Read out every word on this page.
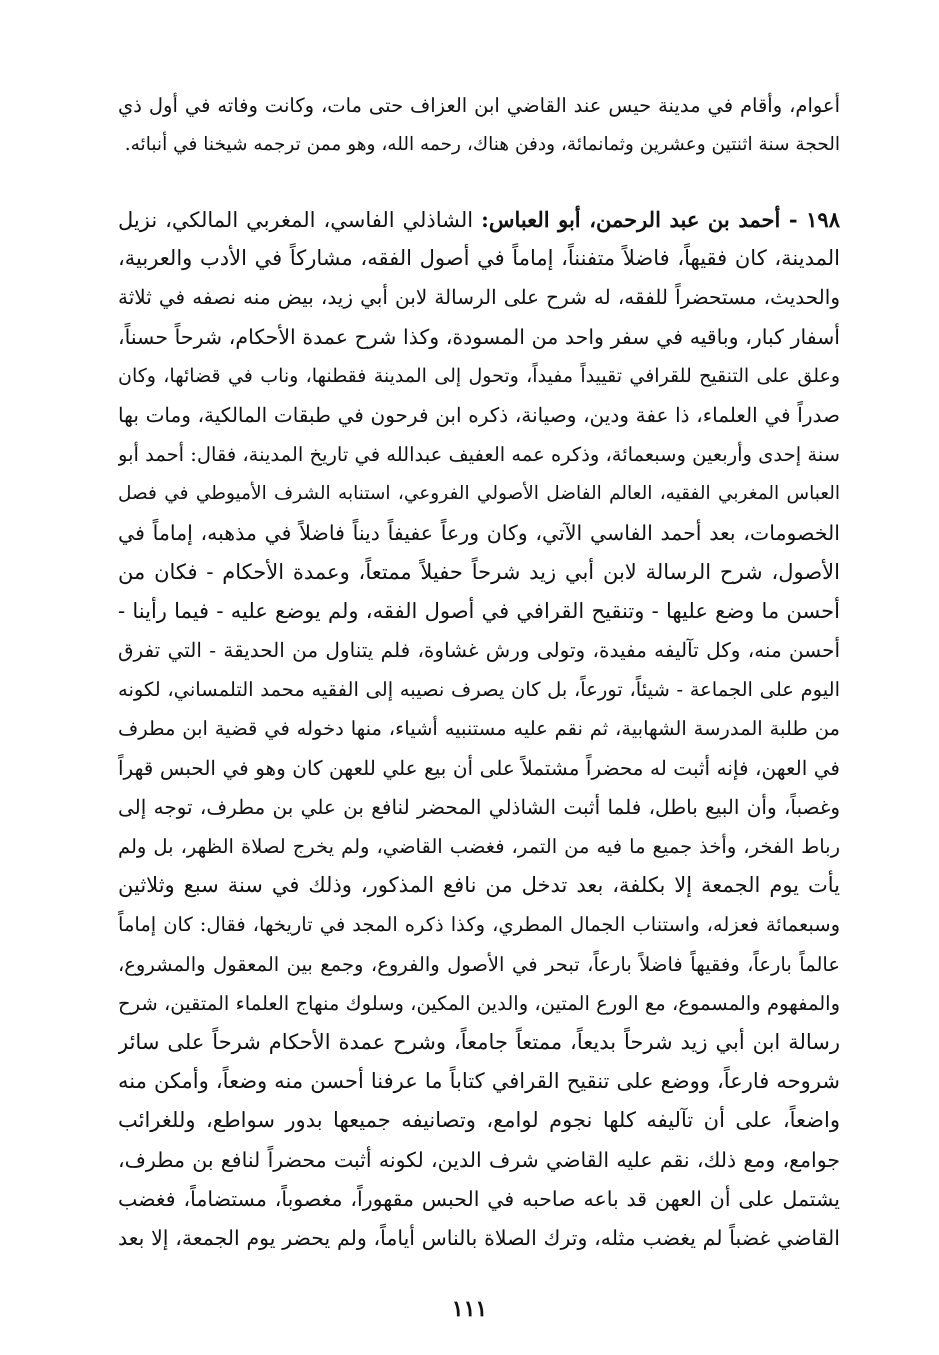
أعوام، وأقام في مدينة حيس عند القاضي ابن العزاف حتى مات، وكانت وفاته في أول ذي
الحجة سنة اثنتين وعشرين وثمانمائة، ودفن هناك، رحمه الله، وهو ممن ترجمه شيخنا في أنبائه.
١٩٨ - أحمد بن عبد الرحمن، أبو العباس: الشاذلي الفاسي، المغربي المالكي، نزيل
المدينة، كان فقيهاً، فاضلاً متفنناً، إماماً في أصول الفقه، مشاركاً في الأدب والعربية،
والحديث، مستحضراً للفقه، له شرح على الرسالة لابن أبي زيد، بيض منه نصفه في ثلاثة
أسفار كبار، وباقيه في سفر واحد من المسودة، وكذا شرح عمدة الأحكام، شرحاً حسناً،
وعلق على التنقيح للقرافي تقييداً مفيداً، وتحول إلى المدينة فقطنها، وناب في قضائها، وكان
صدراً في العلماء، ذا عفة ودين، وصيانة، ذكره ابن فرحون في طبقات المالكية، ومات بها
سنة إحدى وأربعين وسبعمائة، وذكره عمه العفيف عبدالله في تاريخ المدينة، فقال: أحمد أبو
العباس المغربي الفقيه، العالم الفاضل الأصولي الفروعي، استنابه الشرف الأميوطي في فصل
الخصومات، بعد أحمد الفاسي الآتي، وكان ورعاً عفيفاً ديناً فاضلاً في مذهبه، إماماً في
الأصول، شرح الرسالة لابن أبي زيد شرحاً حفيلاً ممتعاً، وعمدة الأحكام - فكان من
أحسن ما وضع عليها - وتنقيح القرافي في أصول الفقه، ولم يوضع عليه - فيما رأينا -
أحسن منه، وكل تآليفه مفيدة، وتولى ورش غشاوة، فلم يتناول من الحديقة - التي تفرق
اليوم على الجماعة - شيئاً، تورعاً، بل كان يصرف نصيبه إلى الفقيه محمد التلمساني، لكونه
من طلبة المدرسة الشهابية، ثم نقم عليه مستنبيه أشياء، منها دخوله في قضية ابن مطرف
في العهن، فإنه أثبت له محضراً مشتملاً على أن بيع علي للعهن كان وهو في الحبس قهراً
وغصباً، وأن البيع باطل، فلما أثبت الشاذلي المحضر لنافع بن علي بن مطرف، توجه إلى
رباط الفخر، وأخذ جميع ما فيه من التمر، فغضب القاضي، ولم يخرج لصلاة الظهر، بل ولم
يأت يوم الجمعة إلا بكلفة، بعد تدخل من نافع المذكور، وذلك في سنة سبع وثلاثين
وسبعمائة فعزله، واستناب الجمال المطري، وكذا ذكره المجد في تاريخها، فقال: كان إماماً
عالماً بارعاً، وفقيهاً فاضلاً بارعاً، تبحر في الأصول والفروع، وجمع بين المعقول والمشروع،
والمفهوم والمسموع، مع الورع المتين، والدين المكين، وسلوك منهاج العلماء المتقين، شرح
رسالة ابن أبي زيد شرحاً بديعاً، ممتعاً جامعاً، وشرح عمدة الأحكام شرحاً على سائر
شروحه فارعاً، ووضع على تنقيح القرافي كتاباً ما عرفنا أحسن منه وضعاً، وأمكن منه
واضعاً، على أن تآليفه كلها نجوم لوامع، وتصانيفه جميعها بدور سواطع، وللغرائب
جوامع، ومع ذلك، نقم عليه القاضي شرف الدين، لكونه أثبت محضراً لنافع بن مطرف،
يشتمل على أن العهن قد باعه صاحبه في الحبس مقهوراً، مغصوباً، مستضاماً، فغضب
القاضي غضباً لم يغضب مثله، وترك الصلاة بالناس أياماً، ولم يحضر يوم الجمعة، إلا بعد
١١١
